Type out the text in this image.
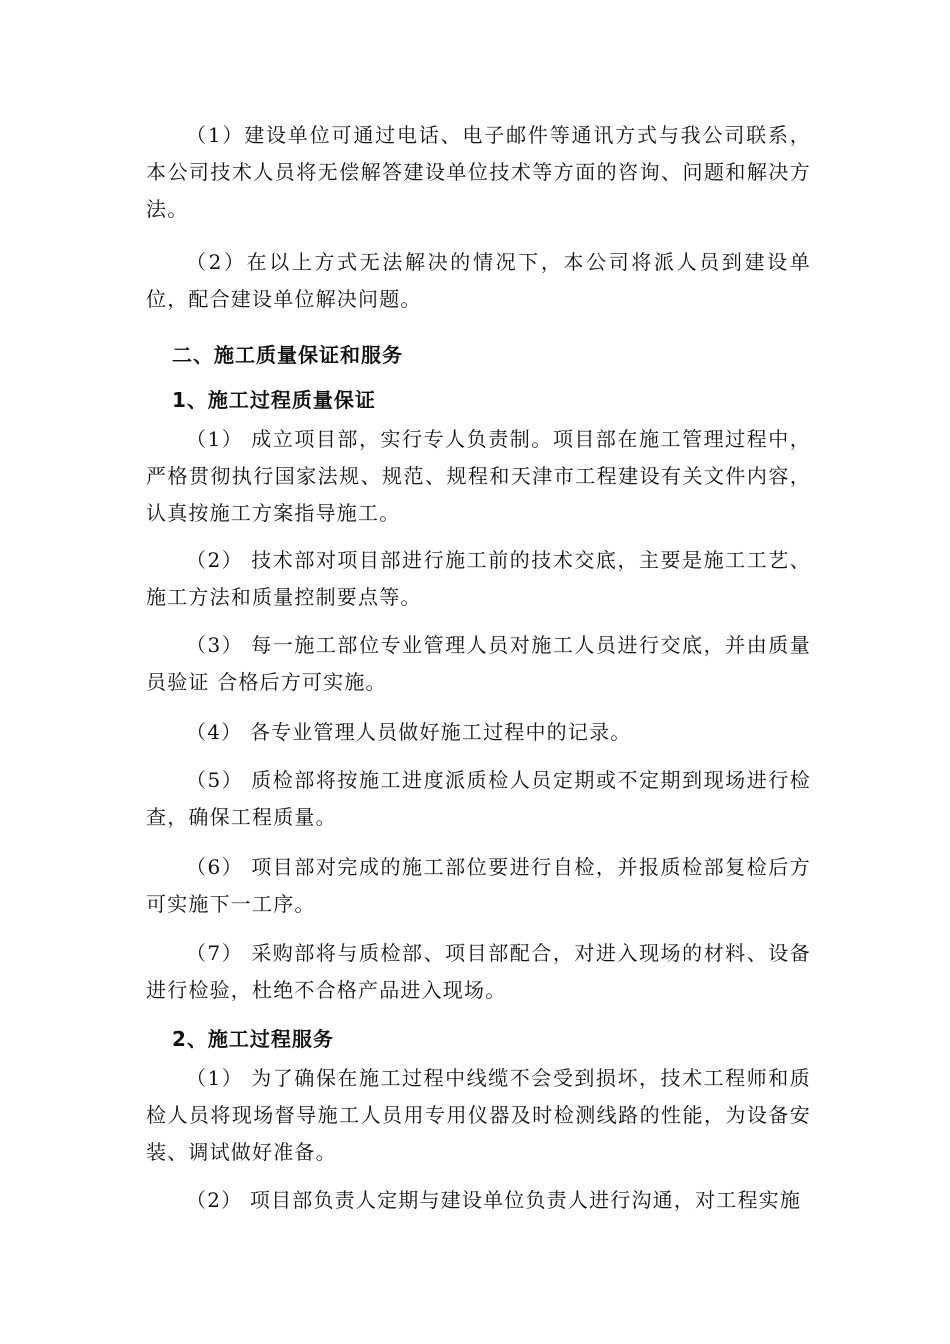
（1）建设单位可通过电话、电子邮件等通讯方式与我公司联系，本公司技术人员将无偿解答建设单位技术等方面的咨询、问题和解决方法。

（2）在以上方式无法解决的情况下，本公司将派人员到建设单位，配合建设单位解决问题。

二、施工质量保证和服务
1、施工过程质量保证

（1） 成立项目部，实行专人负责制。项目部在施工管理过程中，严格贯彻执行国家法规、规范、规程和天津市工程建设有关文件内容，认真按施工方案指导施工。

（2） 技术部对项目部进行施工前的技术交底，主要是施工工艺、施工方法和质量控制要点等。

（3） 每一施工部位专业管理人员对施工人员进行交底，并由质量员验证 合格后方可实施。

（4） 各专业管理人员做好施工过程中的记录。

（5） 质检部将按施工进度派质检人员定期或不定期到现场进行检查，确保工程质量。

（6） 项目部对完成的施工部位要进行自检，并报质检部复检后方可实施下一工序。

（7） 采购部将与质检部、项目部配合，对进入现场的材料、设备进行检验，杜绝不合格产品进入现场。

2、施工过程服务

（1） 为了确保在施工过程中线缆不会受到损坏，技术工程师和质检人员将现场督导施工人员用专用仪器及时检测线路的性能，为设备安装、调试做好准备。

（2） 项目部负责人定期与建设单位负责人进行沟通，对工程实施
